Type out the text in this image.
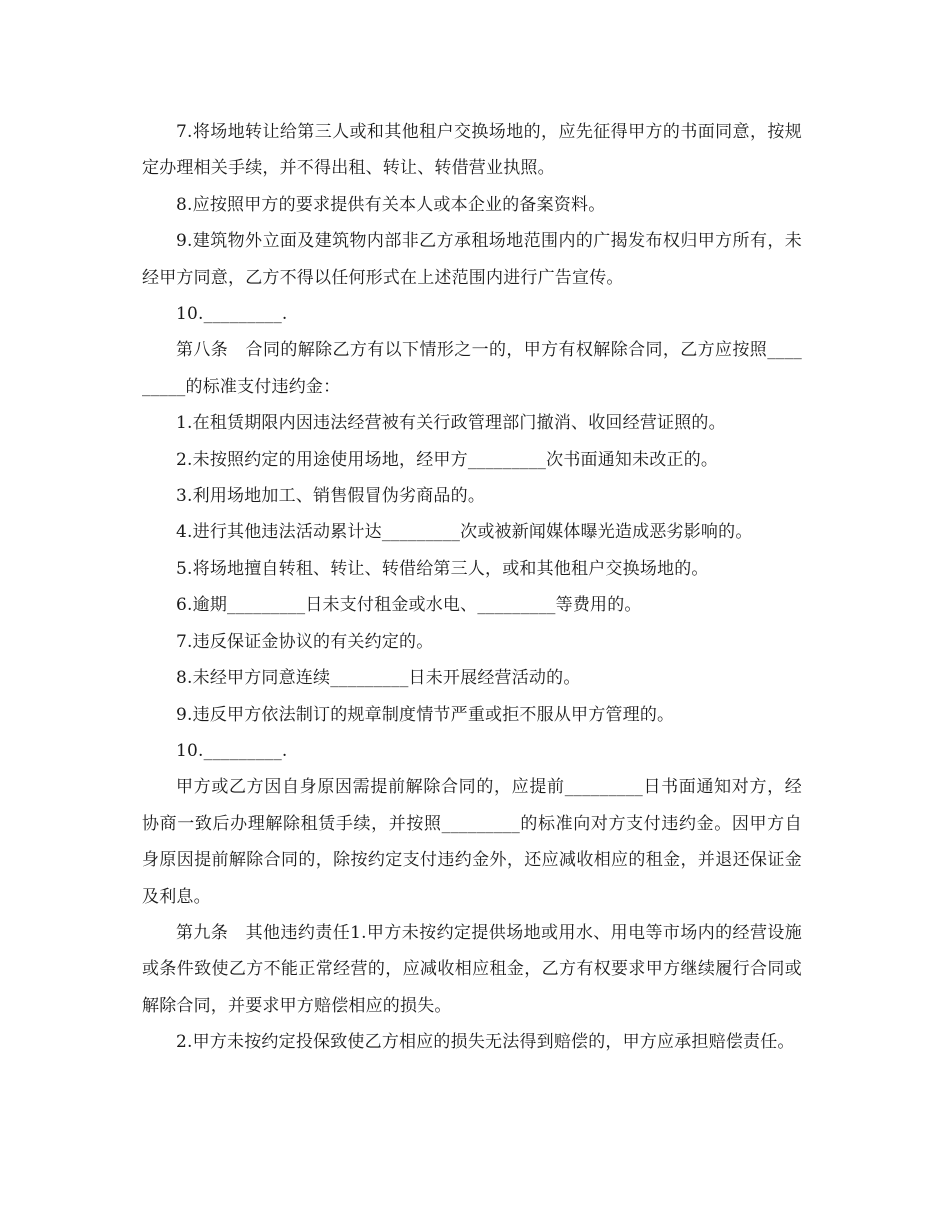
7.将场地转让给第三人或和其他租户交换场地的，应先征得甲方的书面同意，按规定办理相关手续，并不得出租、转让、转借营业执照。

8.应按照甲方的要求提供有关本人或本企业的备案资料。

9.建筑物外立面及建筑物内部非乙方承租场地范围内的广揭发布权归甲方所有，未经甲方同意，乙方不得以任何形式在上述范围内进行广告宣传。

10._________.

第八条　合同的解除乙方有以下情形之一的，甲方有权解除合同，乙方应按照_________的标准支付违约金：

1.在租赁期限内因违法经营被有关行政管理部门撤消、收回经营证照的。

2.未按照约定的用途使用场地，经甲方_________次书面通知未改正的。

3.利用场地加工、销售假冒伪劣商品的。

4.进行其他违法活动累计达_________次或被新闻媒体曝光造成恶劣影响的。

5.将场地擅自转租、转让、转借给第三人，或和其他租户交换场地的。

6.逾期_________日未支付租金或水电、_________等费用的。

7.违反保证金协议的有关约定的。

8.未经甲方同意连续_________日未开展经营活动的。

9.违反甲方依法制订的规章制度情节严重或拒不服从甲方管理的。

10._________.

甲方或乙方因自身原因需提前解除合同的，应提前_________日书面通知对方，经协商一致后办理解除租赁手续，并按照_________的标准向对方支付违约金。因甲方自身原因提前解除合同的，除按约定支付违约金外，还应减收相应的租金，并退还保证金及利息。

第九条　其他违约责任1.甲方未按约定提供场地或用水、用电等市场内的经营设施或条件致使乙方不能正常经营的，应减收相应租金，乙方有权要求甲方继续履行合同或解除合同，并要求甲方赔偿相应的损失。

2.甲方未按约定投保致使乙方相应的损失无法得到赔偿的，甲方应承担赔偿责任。
